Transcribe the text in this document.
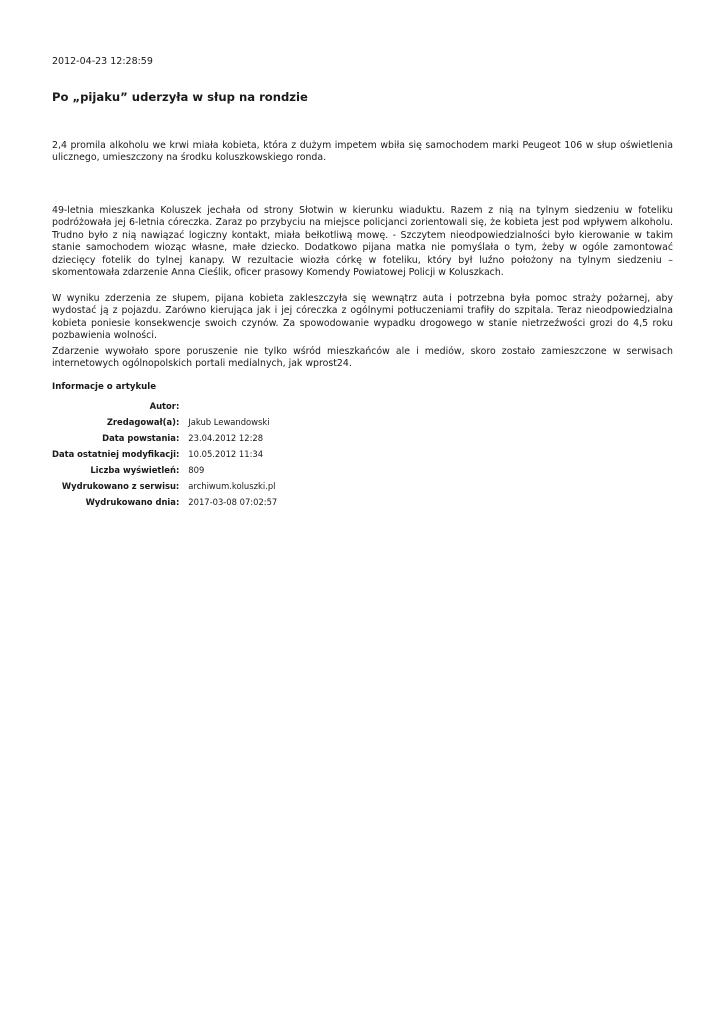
2012-04-23 12:28:59
Po „pijaku” uderzyła w słup na rondzie

2,4 promila alkoholu we krwi miała kobieta, która z dużym impetem wbiła się samochodem marki Peugeot 106 w słup oświetlenia ulicznego, umieszczony na środku koluszkowskiego ronda.

49-letnia mieszkanka Koluszek jechała od strony Słotwin w kierunku wiaduktu. Razem z nią na tylnym siedzeniu w foteliku podróżowała jej 6-letnia córeczka. Zaraz po przybyciu na miejsce policjanci zorientowali się, że kobieta jest pod wpływem alkoholu. Trudno było z nią nawiązać logiczny kontakt, miała bełkotliwą mowę. - Szczytem nieodpowiedzialności było kierowanie w takim stanie samochodem wioząc własne, małe dziecko. Dodatkowo pijana matka nie pomyślała o tym, żeby w ogóle zamontować dziecięcy fotelik do tylnej kanapy. W rezultacie wiozła córkę w foteliku, który był luźno położony na tylnym siedzeniu – skomentowała zdarzenie Anna Cieślik, oficer prasowy Komendy Powiatowej Policji w Koluszkach.

W wyniku zderzenia ze słupem, pijana kobieta zakleszczyła się wewnątrz auta i potrzebna była pomoc straży pożarnej, aby wydostać ją z pojazdu. Zarówno kierująca jak i jej córeczka z ogólnymi potłuczeniami trafiły do szpitala. Teraz nieodpowiedzialna kobieta poniesie konsekwencje swoich czynów. Za spowodowanie wypadku drogowego w stanie nietrzeźwości grozi do 4,5 roku pozbawienia wolności.

Zdarzenie wywołało spore poruszenie nie tylko wśród mieszkańców ale i mediów, skoro zostało zamieszczone w serwisach internetowych ogólnopolskich portali medialnych, jak wprost24.

Informacje o artykule
Autor:	
Zredagował(a):	Jakub Lewandowski
Data powstania:	23.04.2012 12:28
Data ostatniej modyfikacji:	10.05.2012 11:34
Liczba wyświetleń:	809
Wydrukowano z serwisu:	archiwum.koluszki.pl
Wydrukowano dnia:	2017-03-08 07:02:57
